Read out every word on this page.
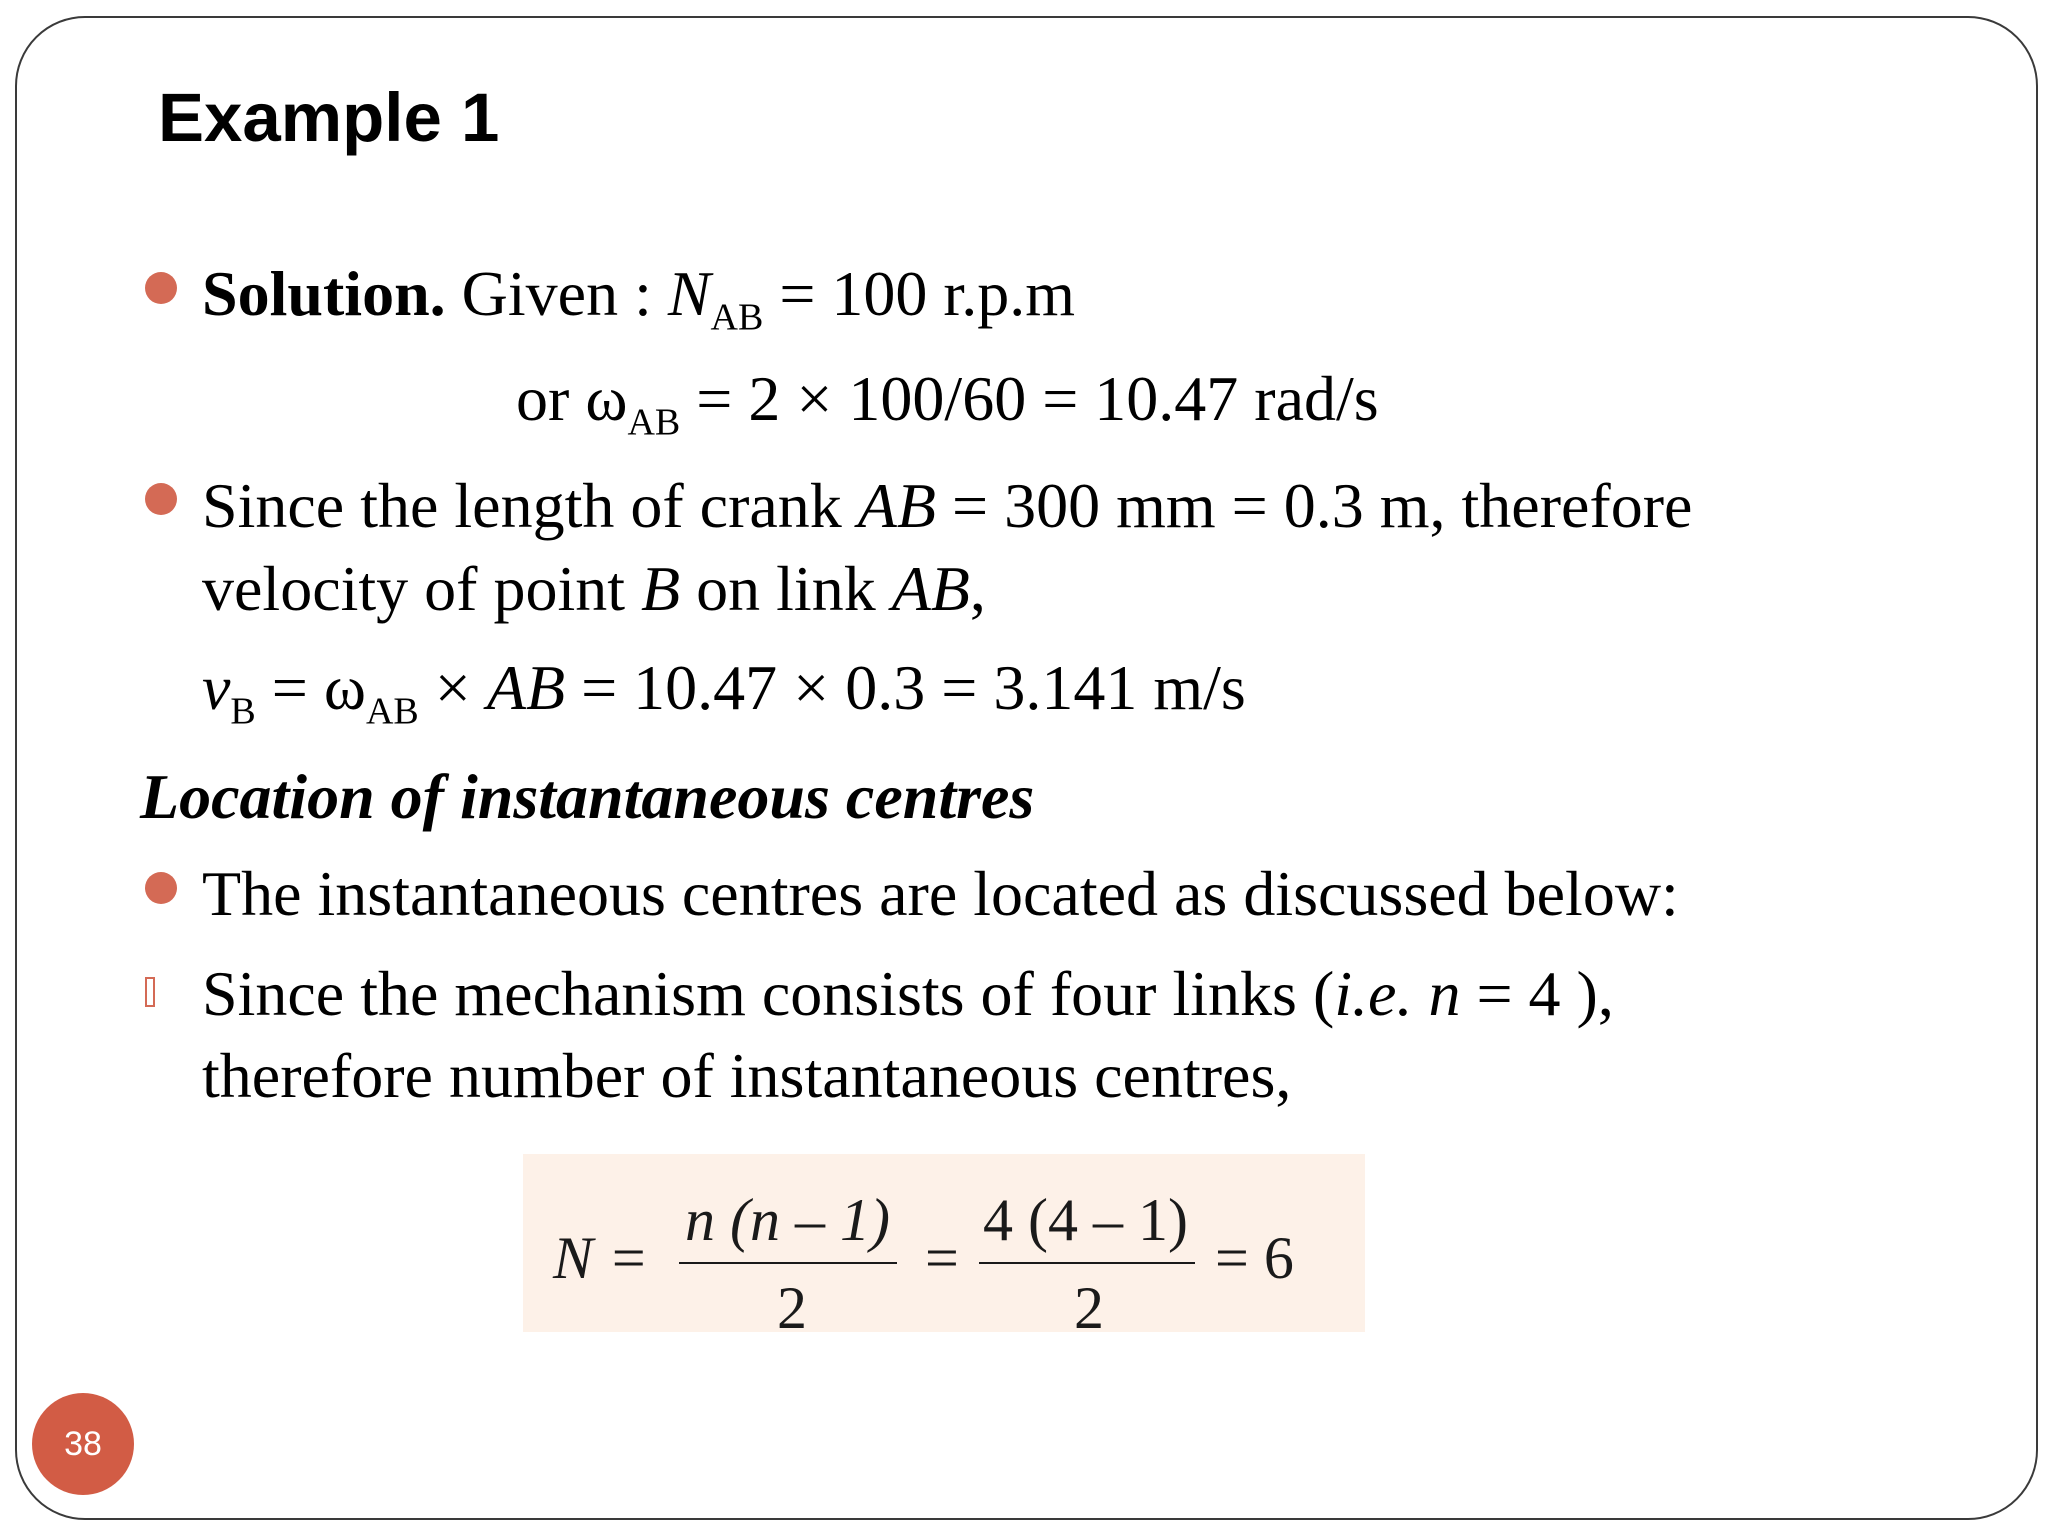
Example 1
Solution. Given : $N_{AB} = 100$ r.p.m
or $\omega_{AB} = 2 \times 100/60 = 10.47$ rad/s
Since the length of crank AB = 300 mm = 0.3 m, therefore
velocity of point B on link AB,
$v_B = \omega_{AB}$ × AB = 10.47 × 0.3 = 3.141 m/s
Location of instantaneous centres
The instantaneous centres are located as discussed below:
Since the mechanism consists of four links (i.e. n = 4 ),
therefore number of instantaneous centres,
N =
n (n – 1)
2
=
4 (4 – 1)
2
= 6
38
